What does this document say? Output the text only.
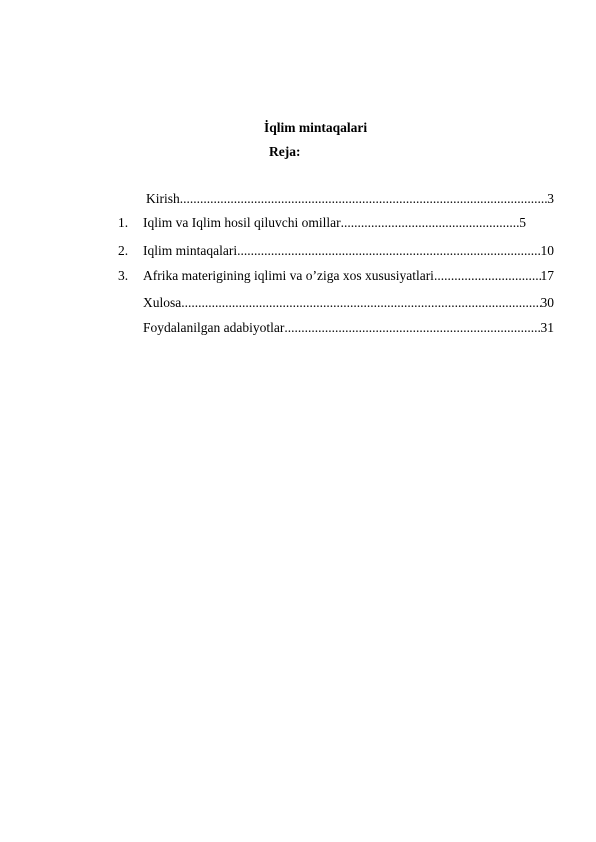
İqlim mintaqalari
Reja:
Kirish .....	3
1. Iqlim va Iqlim hosil qiluvchi omillar .....	5
2. Iqlim mintaqalari .....	10
3. Afrika materigining iqlimi va o’ziga xos xususiyatlari .....	17
Xulosa .....	30
Foydalanilgan adabiyotlar .....	31
